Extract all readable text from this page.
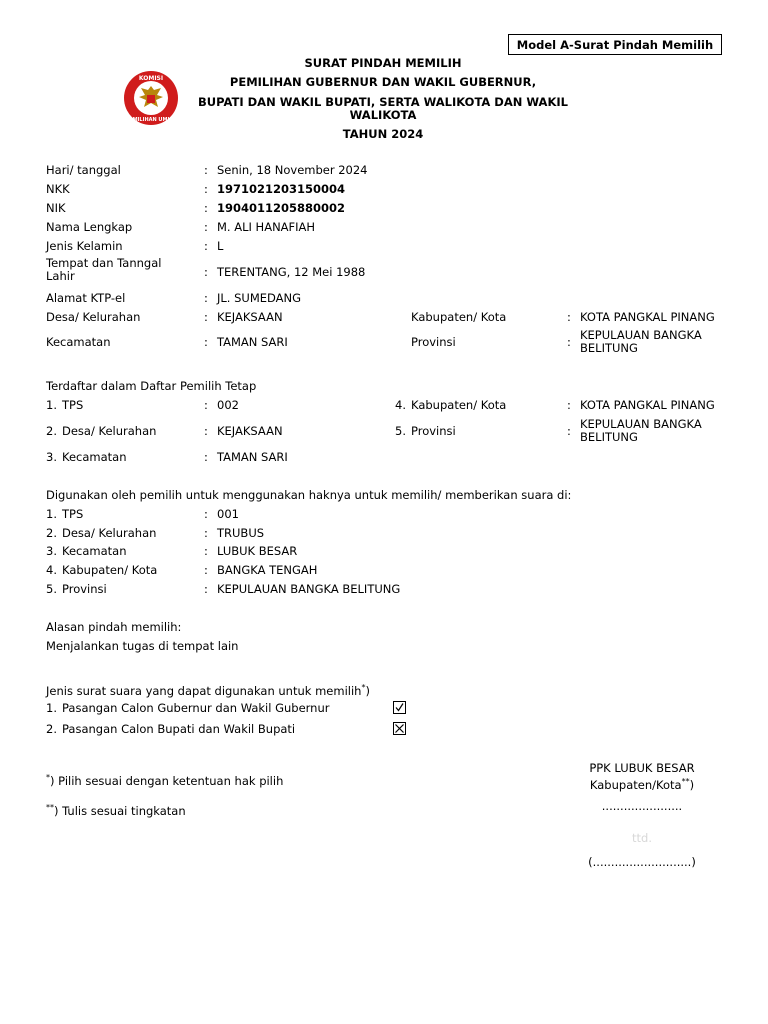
Model A-Surat Pindah Memilih
KOMISI
PEMILIHAN UMUM
SURAT PINDAH MEMILIH
PEMILIHAN GUBERNUR DAN WAKIL GUBERNUR,
BUPATI DAN WAKIL BUPATI, SERTA WALIKOTA DAN WAKIL
WALIKOTA
TAHUN 2024
Hari/ tanggal	: Senin, 18 November 2024
NKK	: 1971021203150004
NIK	: 1904011205880002
Nama Lengkap	: M. ALI HANAFIAH
Jenis Kelamin	: L
Tempat dan Tanngal
Lahir	: TERENTANG, 12 Mei 1988
Alamat KTP-el	: JL. SUMEDANG
Desa/ Kelurahan	: KEJAKSAAN	Kabupaten/ Kota	: KOTA PANGKAL PINANG
Kecamatan	: TAMAN SARI	Provinsi	: KEPULAUAN BANGKA BELITUNG
Terdaftar dalam Daftar Pemilih Tetap
1. TPS	: 002	4. Kabupaten/ Kota	: KOTA PANGKAL PINANG
2. Desa/ Kelurahan	: KEJAKSAAN	5. Provinsi	: KEPULAUAN BANGKA BELITUNG
3. Kecamatan	: TAMAN SARI
Digunakan oleh pemilih untuk menggunakan haknya untuk memilih/ memberikan suara di:
1. TPS	: 001
2. Desa/ Kelurahan	: TRUBUS
3. Kecamatan	: LUBUK BESAR
4. Kabupaten/ Kota	: BANGKA TENGAH
5. Provinsi	: KEPULAUAN BANGKA BELITUNG
Alasan pindah memilih:
Menjalankan tugas di tempat lain
Jenis surat suara yang dapat digunakan untuk memilih*)
1. Pasangan Calon Gubernur dan Wakil Gubernur
2. Pasangan Calon Bupati dan Wakil Bupati
*) Pilih sesuai dengan ketentuan hak pilih
**) Tulis sesuai tingkatan
PPK LUBUK BESAR
Kabupaten/Kota**)
......................
ttd.
(...........................)
